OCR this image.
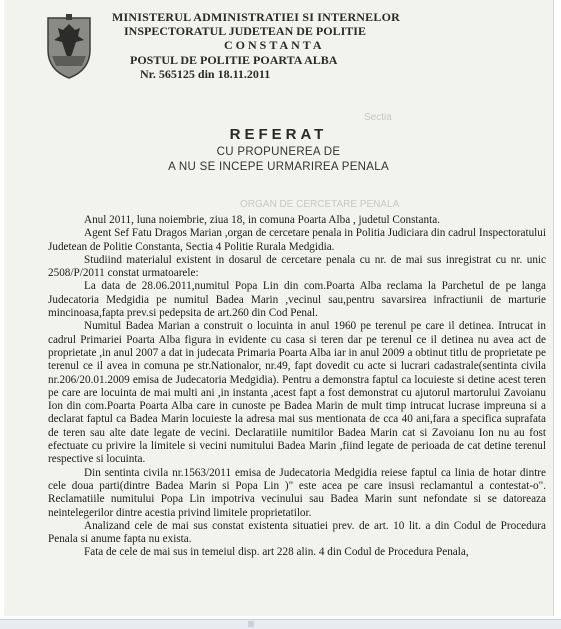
MINISTERUL ADMINISTRATIEI SI INTERNELOR
INSPECTORATUL JUDETEAN DE POLITIE
CONSTANTA
POSTUL DE POLITIE POARTA ALBA
Nr. 565125 din 18.11.2011
Sectia
ORGAN DE CERCETARE PENALA
REFERAT
CU PROPUNEREA DE
A NU SE INCEPE URMARIREA PENALA

Anul 2011, luna noiembrie, ziua 18, in comuna Poarta Alba , judetul Constanta.

Agent Sef Fatu Dragos Marian ,organ de cercetare penala in Politia Judiciara din cadrul Inspectoratului Judetean de Politie Constanta, Sectia 4 Politie Rurala Medgidia.

Studiind materialul existent in dosarul de cercetare penala cu nr. de mai sus inregistrat cu nr. unic 2508/P/2011 constat urmatoarele:

La data de 28.06.2011,numitul Popa Lin din com.Poarta Alba reclama la Parchetul de pe langa Judecatoria Medgidia pe numitul Badea Marin ,vecinul sau,pentru savarsirea infractiunii de marturie mincinoasa,fapta prev.si pedepsita de art.260 din Cod Penal.

Numitul Badea Marian a construit o locuinta in anul 1960 pe terenul pe care il detinea. Intrucat in cadrul Primariei Poarta Alba figura in evidente cu casa si teren dar pe terenul ce il detinea nu avea act de proprietate ,in anul 2007 a dat in judecata Primaria Poarta Alba iar in anul 2009 a obtinut titlu de proprietate pe terenul ce il avea in comuna pe str.Nationalor, nr.49, fapt dovedit cu acte si lucrari cadastrale(sentinta civila nr.206/20.01.2009 emisa de Judecatoria Medgidia). Pentru a demonstra faptul ca locuieste si detine acest teren pe care are locuinta de mai multi ani ,in instanta ,acest fapt a fost demonstrat cu ajutorul martorului Zavoianu Ion din com.Poarta Poarta Alba care in cunoste pe Badea Marin de mult timp intrucat lucrase impreuna si a declarat faptul ca Badea Marin locuieste la adresa mai sus mentionata de cca 40 ani,fara a specifica suprafata de teren sau alte date legate de vecini. Declaratiile numitilor Badea Marin cat si Zavoianu Ion nu au fost efectuate cu privire la limitele si vecini numitului Badea Marin ,fiind legate de perioada de cat detine terenul respective si locuinta.

Din sentinta civila nr.1563/2011 emisa de Judecatoria Medgidia reiese faptul ca linia de hotar dintre cele doua parti(dintre Badea Marin si Popa Lin )" este acea pe care insusi reclamantul a contestat-o". Reclamatiile numitului Popa Lin impotriva vecinului sau Badea Marin sunt nefondate si se datoreaza neintelegerilor dintre acestia privind limitele proprietatilor.

Analizand cele de mai sus constat existenta situatiei prev. de art. 10 lit. a din Codul de Procedura Penala si anume fapta nu exista.

Fata de cele de mai sus in temeiul disp. art 228 alin. 4 din Codul de Procedura Penala,

|||
